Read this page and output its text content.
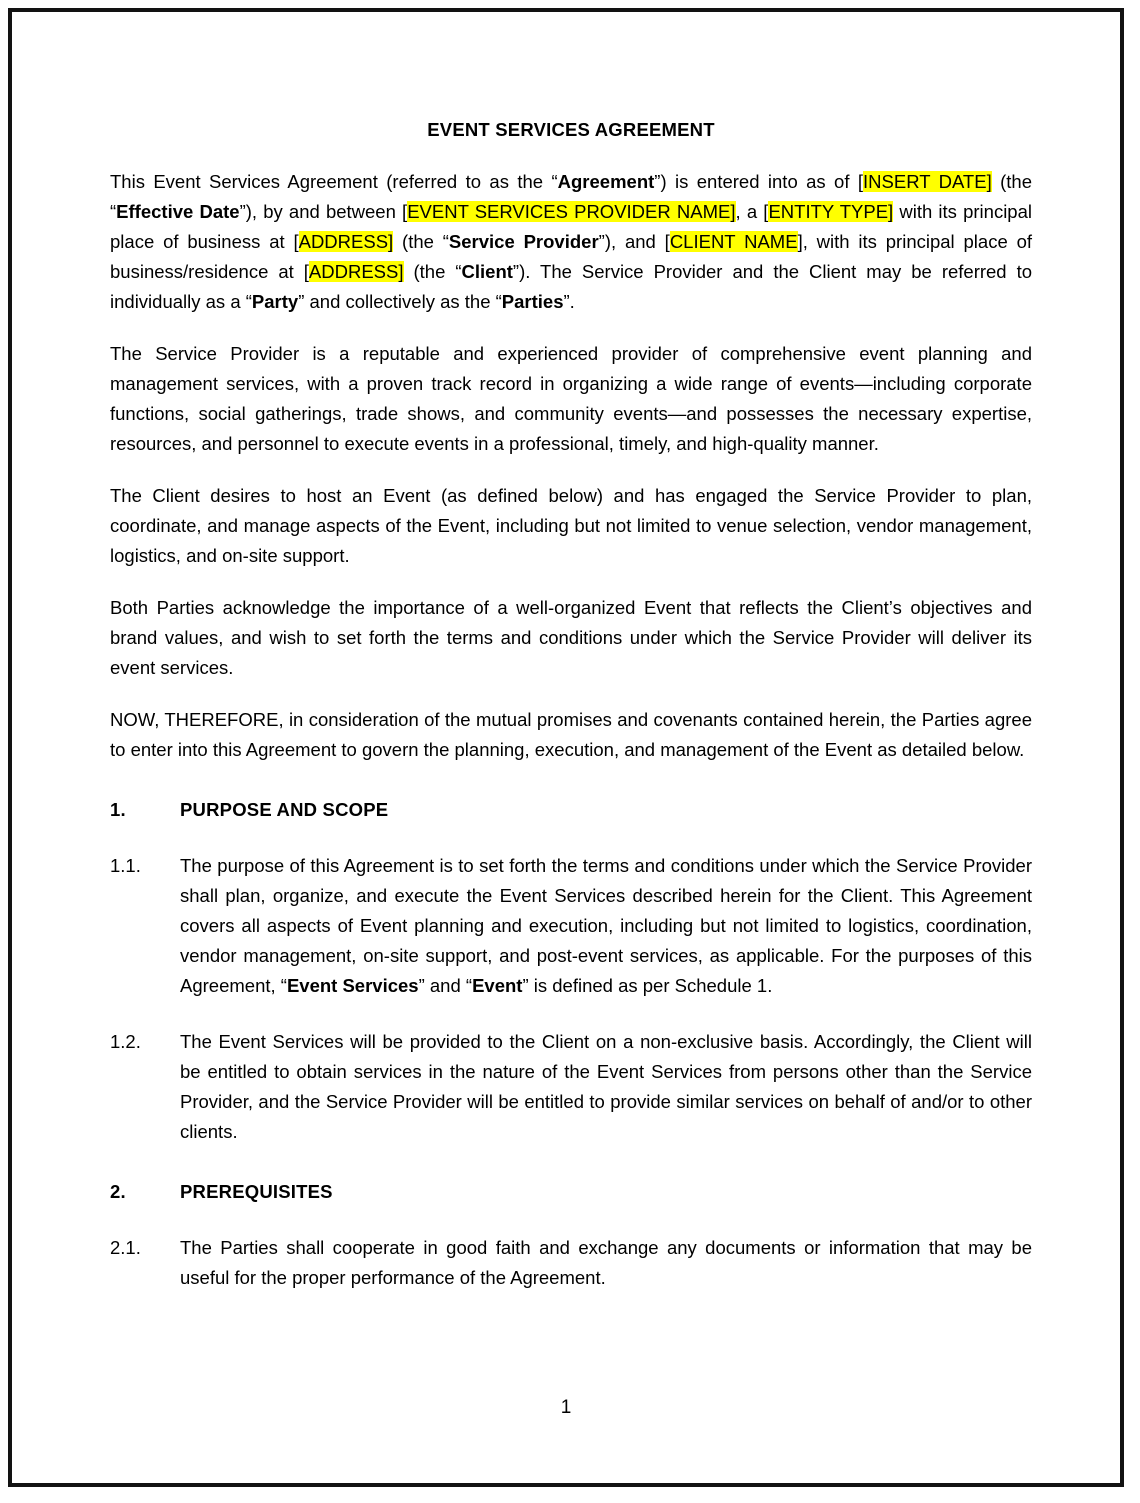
EVENT SERVICES AGREEMENT

This Event Services Agreement (referred to as the “Agreement”) is entered into as of [INSERT DATE] (the “Effective Date”), by and between [EVENT SERVICES PROVIDER NAME], a [ENTITY TYPE] with its principal place of business at [ADDRESS] (the “Service Provider”), and [CLIENT NAME], with its principal place of business/residence at [ADDRESS] (the “Client”). The Service Provider and the Client may be referred to individually as a “Party” and collectively as the “Parties”.

The Service Provider is a reputable and experienced provider of comprehensive event planning and management services, with a proven track record in organizing a wide range of events—including corporate functions, social gatherings, trade shows, and community events—and possesses the necessary expertise, resources, and personnel to execute events in a professional, timely, and high-quality manner.

The Client desires to host an Event (as defined below) and has engaged the Service Provider to plan, coordinate, and manage aspects of the Event, including but not limited to venue selection, vendor management, logistics, and on-site support.

Both Parties acknowledge the importance of a well-organized Event that reflects the Client’s objectives and brand values, and wish to set forth the terms and conditions under which the Service Provider will deliver its event services.

NOW, THEREFORE, in consideration of the mutual promises and covenants contained herein, the Parties agree to enter into this Agreement to govern the planning, execution, and management of the Event as detailed below.

1.	PURPOSE AND SCOPE
1.1.	The purpose of this Agreement is to set forth the terms and conditions under which the Service Provider shall plan, organize, and execute the Event Services described herein for the Client. This Agreement covers all aspects of Event planning and execution, including but not limited to logistics, coordination, vendor management, on-site support, and post-event services, as applicable. For the purposes of this Agreement, “Event Services” and “Event” is defined as per Schedule 1.
1.2.	The Event Services will be provided to the Client on a non-exclusive basis. Accordingly, the Client will be entitled to obtain services in the nature of the Event Services from persons other than the Service Provider, and the Service Provider will be entitled to provide similar services on behalf of and/or to other clients.
2.	PREREQUISITES
2.1.	The Parties shall cooperate in good faith and exchange any documents or information that may be useful for the proper performance of the Agreement.
1
